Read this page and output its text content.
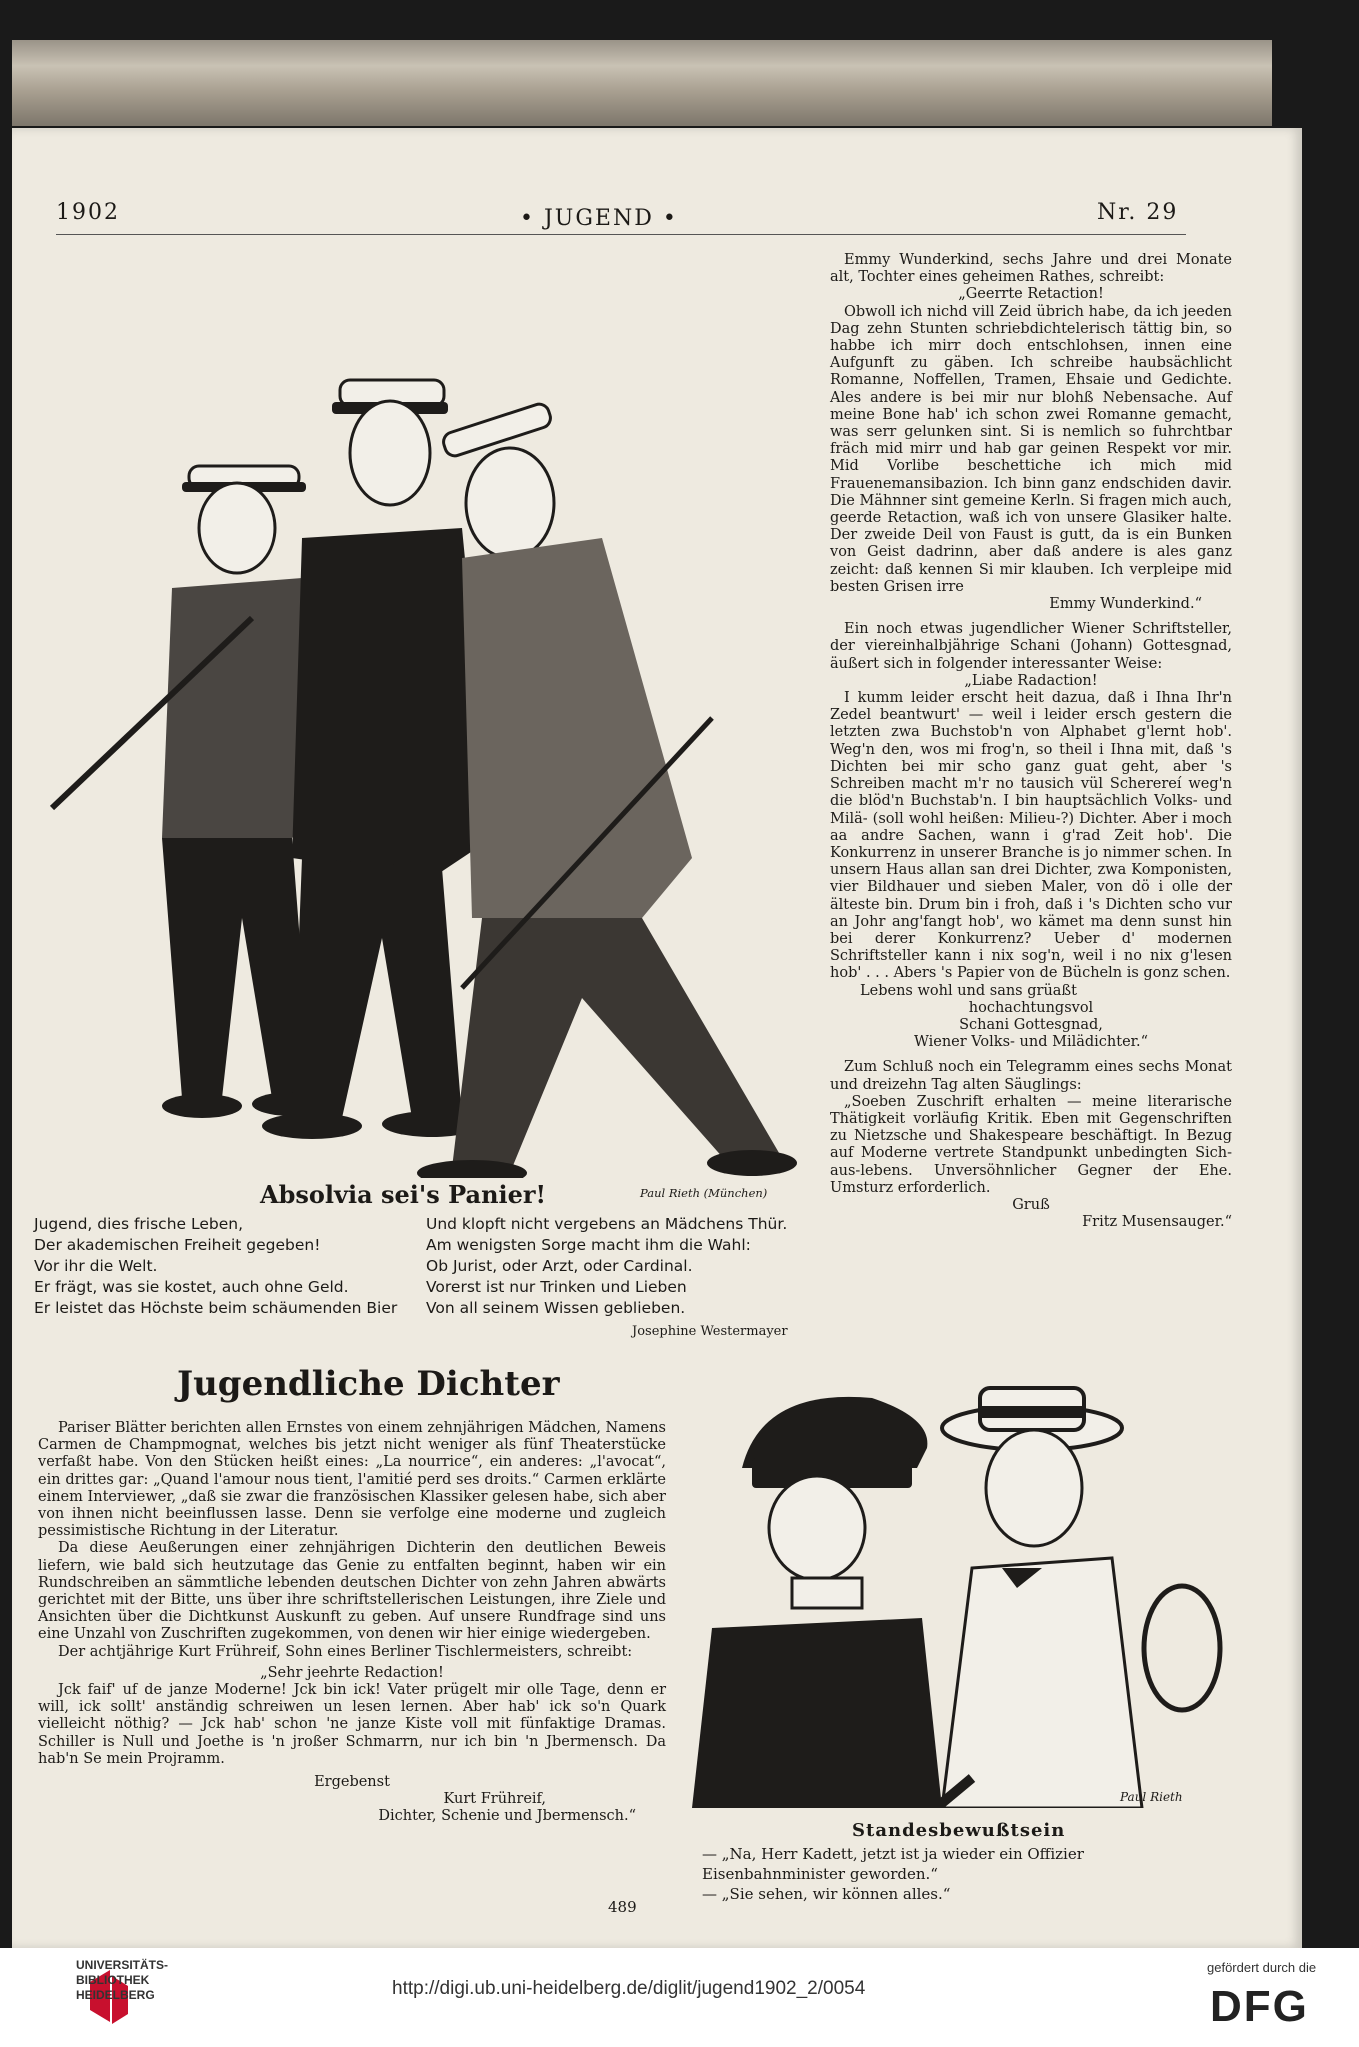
1902	• JUGEND •	Nr. 29
Absolvia sei's Panier!	Paul Rieth (München)
Jugend, dies frische Leben,
Der akademischen Freiheit gegeben!
Vor ihr die Welt.
Er frägt, was sie kostet, auch ohne Geld.
Er leistet das Höchste beim schäumenden Bier
Und klopft nicht vergebens an Mädchens Thür.
Am wenigsten Sorge macht ihm die Wahl:
Ob Jurist, oder Arzt, oder Cardinal.
Vorerst ist nur Trinken und Lieben
Von all seinem Wissen geblieben.
Josephine Westermayer
Jugendliche Dichter

Pariser Blätter berichten allen Ernstes von einem zehnjährigen Mädchen, Namens Carmen de Champmognat, welches bis jetzt nicht weniger als fünf Theaterstücke verfaßt habe. Von den Stücken heißt eines: „La nourrice“, ein anderes: „l'avocat“, ein drittes gar: „Quand l'amour nous tient, l'amitié perd ses droits.“ Carmen erklärte einem Interviewer, „daß sie zwar die französischen Klassiker gelesen habe, sich aber von ihnen nicht beeinflussen lasse. Denn sie verfolge eine moderne und zugleich pessimistische Richtung in der Literatur.

Da diese Aeußerungen einer zehnjährigen Dichterin den deutlichen Beweis liefern, wie bald sich heutzutage das Genie zu entfalten beginnt, haben wir ein Rundschreiben an sämmtliche lebenden deutschen Dichter von zehn Jahren abwärts gerichtet mit der Bitte, uns über ihre schriftstellerischen Leistungen, ihre Ziele und Ansichten über die Dichtkunst Auskunft zu geben. Auf unsere Rundfrage sind uns eine Unzahl von Zuschriften zugekommen, von denen wir hier einige wiedergeben.

Der achtjährige Kurt Frühreif, Sohn eines Berliner Tischlermeisters, schreibt:

„Sehr jeehrte Redaction!

Jck faif' uf de janze Moderne! Jck bin ick! Vater prügelt mir olle Tage, denn er will, ick sollt' anständig schreiwen un lesen lernen. Aber hab' ick so'n Quark vielleicht nöthig? — Jck hab' schon 'ne janze Kiste voll mit fünfaktige Dramas. Schiller is Null und Joethe is 'n jroßer Schmarrn, nur ich bin 'n Jbermensch. Da hab'n Se mein Projramm.

Ergebenst

Kurt Frühreif,

Dichter, Schenie und Jbermensch.“

Emmy Wunderkind, sechs Jahre und drei Monate alt, Tochter eines geheimen Rathes, schreibt:

„Geerrte Retaction!

Obwoll ich nichd vill Zeid übrich habe, da ich jeeden Dag zehn Stunten schriebdichtelerisch tättig bin, so habbe ich mirr doch entschlohsen, innen eine Aufgunft zu gäben. Ich schreibe haubsächlicht Romanne, Noffellen, Tramen, Ehsaie und Gedichte. Ales andere is bei mir nur blohß Nebensache. Auf meine Bone hab' ich schon zwei Romanne gemacht, was serr gelunken sint. Si is nemlich so fuhrchtbar fräch mid mirr und hab gar geinen Respekt vor mir. Mid Vorlibe beschettiche ich mich mid Frauenemansibazion. Ich binn ganz endschiden davir. Die Mähnner sint gemeine Kerln. Si fragen mich auch, geerde Retaction, waß ich von unsere Glasiker halte. Der zweide Deil von Faust is gutt, da is ein Bunken von Geist dadrinn, aber daß andere is ales ganz zeicht: daß kennen Si mir klauben. Ich verpleipe mid besten Grisen irre

Emmy Wunderkind.“

Ein noch etwas jugendlicher Wiener Schriftsteller, der viereinhalbjährige Schani (Johann) Gottesgnad, äußert sich in folgender interessanter Weise:

„Liabe Radaction!

I kumm leider erscht heit dazua, daß i Ihna Ihr'n Zedel beantwurt' — weil i leider ersch gestern die letzten zwa Buchstob'n von Alphabet g'lernt hob'. Weg'n den, wos mi frog'n, so theil i Ihna mit, daß 's Dichten bei mir scho ganz guat geht, aber 's Schreiben macht m'r no tausich vül Scherereí weg'n die blöd'n Buchstab'n. I bin hauptsächlich Volks- und Milä- (soll wohl heißen: Milieu-?) Dichter. Aber i moch aa andre Sachen, wann i g'rad Zeit hob'. Die Konkurrenz in unserer Branche is jo nimmer schen. In unsern Haus allan san drei Dichter, zwa Komponisten, vier Bildhauer und sieben Maler, von dö i olle der älteste bin. Drum bin i froh, daß i 's Dichten scho vur an Johr ang'fangt hob', wo kämet ma denn sunst hin bei derer Konkurrenz? Ueber d' modernen Schriftsteller kann i nix sog'n, weil i no nix g'lesen hob' . . . Abers 's Papier von de Bücheln is gonz schen.

Lebens wohl und sans grüaßt

hochachtungsvol

Schani Gottesgnad,

Wiener Volks- und Milädichter.“

Zum Schluß noch ein Telegramm eines sechs Monat und dreizehn Tag alten Säuglings:

„Soeben Zuschrift erhalten — meine literarische Thätigkeit vorläufig Kritik. Eben mit Gegenschriften zu Nietzsche und Shakespeare beschäftigt. In Bezug auf Moderne vertrete Standpunkt unbedingten Sich-aus-lebens. Unversöhnlicher Gegner der Ehe. Umsturz erforderlich.

Gruß

Fritz Musensauger.“

Paul Rieth
Standesbewußtsein
— „Na, Herr Kadett, jetzt ist ja wieder ein Offizier Eisenbahnminister geworden.“
— „Sie sehen, wir können alles.“
489
UNIVERSITÄTS-
BIBLIOTHEK
HEIDELBERG	http://digi.ub.uni-heidelberg.de/diglit/jugend1902_2/0054
gefördert durch die
DFG
